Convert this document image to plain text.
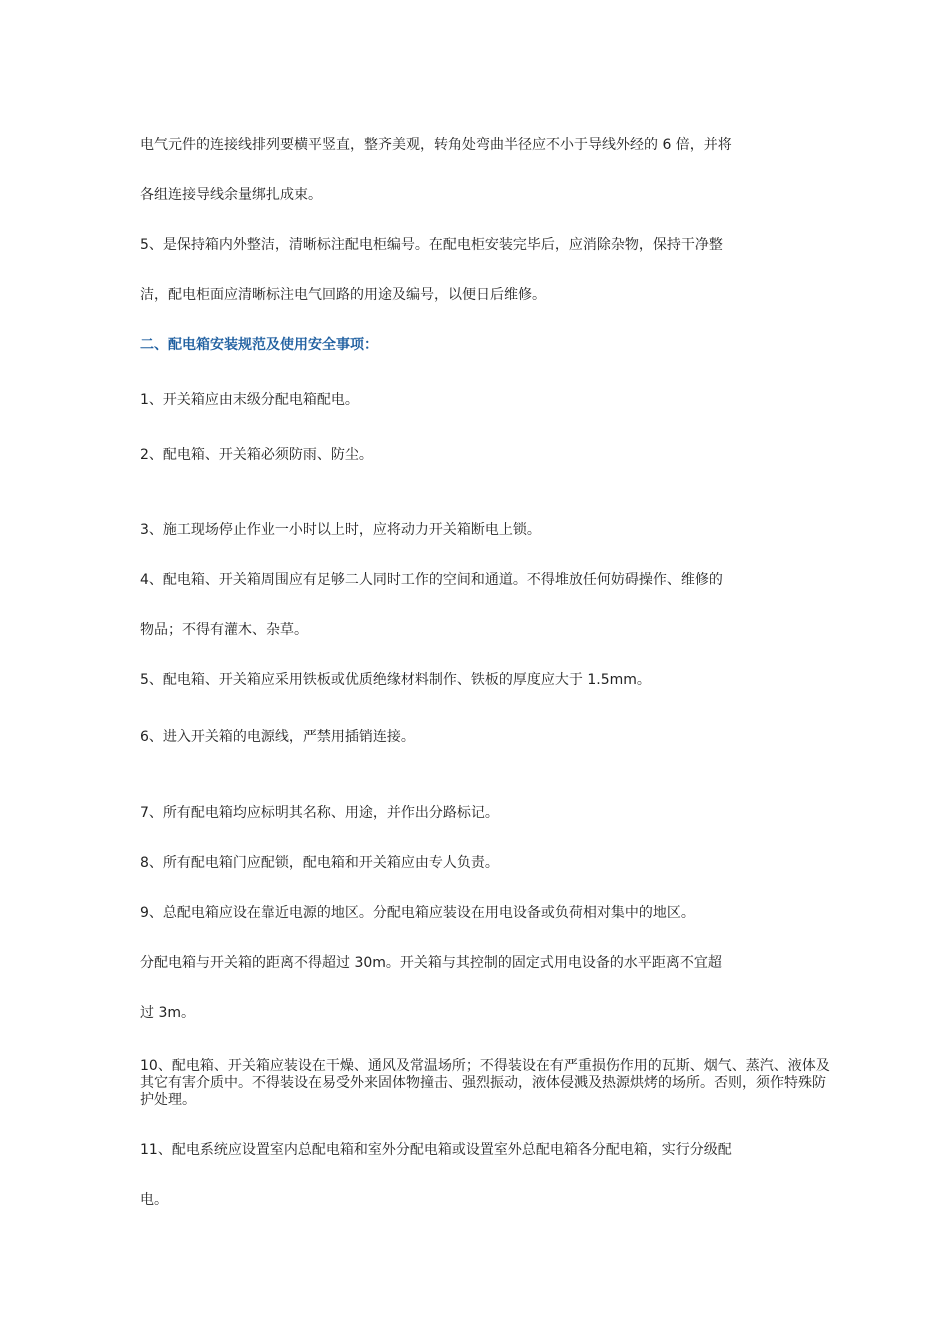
电气元件的连接线排列要横平竖直，整齐美观，转角处弯曲半径应不小于导线外经的 6 倍，并将

各组连接导线余量绑扎成束。

5、是保持箱内外整洁，清晰标注配电柜编号。在配电柜安装完毕后，应消除杂物，保持干净整

洁，配电柜面应清晰标注电气回路的用途及编号，以便日后维修。

二、配电箱安装规范及使用安全事项：

1、开关箱应由末级分配电箱配电。

2、配电箱、开关箱必须防雨、防尘。

3、施工现场停止作业一小时以上时，应将动力开关箱断电上锁。

4、配电箱、开关箱周围应有足够二人同时工作的空间和通道。不得堆放任何妨碍操作、维修的

物品；不得有灌木、杂草。

5、配电箱、开关箱应采用铁板或优质绝缘材料制作、铁板的厚度应大于 1.5mm。

6、进入开关箱的电源线，严禁用插销连接。

7、所有配电箱均应标明其名称、用途，并作出分路标记。

8、所有配电箱门应配锁，配电箱和开关箱应由专人负责。

9、总配电箱应设在靠近电源的地区。分配电箱应装设在用电设备或负荷相对集中的地区。

分配电箱与开关箱的距离不得超过 30m。开关箱与其控制的固定式用电设备的水平距离不宜超

过 3m。

10、配电箱、开关箱应装设在干燥、通风及常温场所；不得装设在有严重损伤作用的瓦斯、烟气、蒸汽、液体及其它有害介质中。不得装设在易受外来固体物撞击、强烈振动，液体侵溅及热源烘烤的场所。否则，须作特殊防护处理。

11、配电系统应设置室内总配电箱和室外分配电箱或设置室外总配电箱各分配电箱，实行分级配

电。
